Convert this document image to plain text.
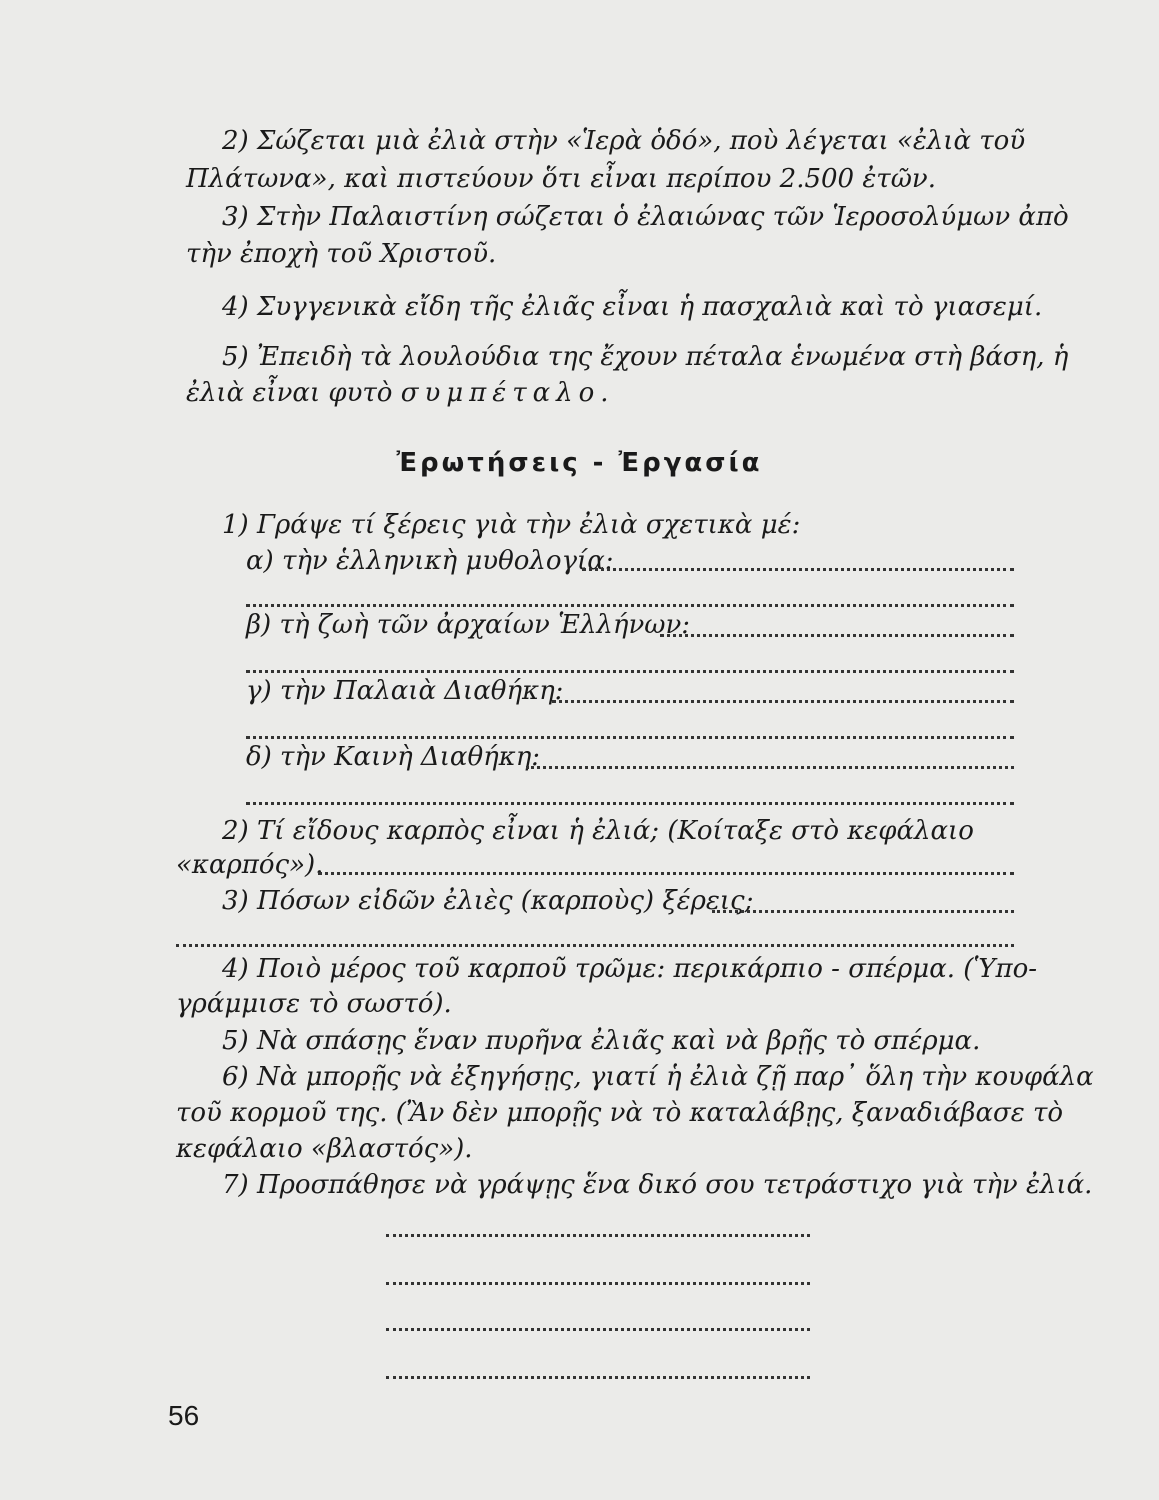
2) Σώζεται μιὰ ἐλιὰ στὴν «Ἱερὰ ὁδό», ποὺ λέγεται «ἐλιὰ τοῦ

Πλάτωνα», καὶ πιστεύουν ὅτι εἶναι περίπου 2.500 ἐτῶν.

3) Στὴν Παλαιστίνη σώζεται ὁ ἐλαιώνας τῶν Ἱεροσολύμων ἀπὸ

τὴν ἐποχὴ τοῦ Χριστοῦ.

4) Συγγενικὰ εἴδη τῆς ἐλιᾶς εἶναι ἡ πασχαλιὰ καὶ τὸ γιασεμί.

5) Ἐπειδὴ τὰ λουλούδια της ἔχουν πέταλα ἑνωμένα στὴ βάση, ἡ

ἐλιὰ εἶναι φυτὸ συμπέταλο.

Ἐρωτήσεις - Ἐργασία

1) Γράψε τί ξέρεις γιὰ τὴν ἐλιὰ σχετικὰ μέ:

α) τὴν ἑλληνικὴ μυθολογία:

β) τὴ ζωὴ τῶν ἀρχαίων Ἑλλήνων:

γ) τὴν Παλαιὰ Διαθήκη:

δ) τὴν Καινὴ Διαθήκη:

2) Τί εἴδους καρπὸς εἶναι ἡ ἐλιά; (Κοίταξε στὸ κεφάλαιο

«καρπός»).

3) Πόσων εἰδῶν ἐλιὲς (καρποὺς) ξέρεις;

4) Ποιὸ μέρος τοῦ καρποῦ τρῶμε: περικάρπιο - σπέρμα. (Ὑπο-

γράμμισε τὸ σωστό).

5) Νὰ σπάσῃς ἕναν πυρῆνα ἐλιᾶς καὶ νὰ βρῇς τὸ σπέρμα.

6) Νὰ μπορῇς νὰ ἐξηγήσῃς, γιατί ἡ ἐλιὰ ζῇ παρ᾽ ὅλη τὴν κουφάλα

τοῦ κορμοῦ της. (Ἂν δὲν μπορῇς νὰ τὸ καταλάβῃς, ξαναδιάβασε τὸ

κεφάλαιο «βλαστός»).

7) Προσπάθησε νὰ γράψῃς ἕνα δικό σου τετράστιχο γιὰ τὴν ἐλιά.

56
